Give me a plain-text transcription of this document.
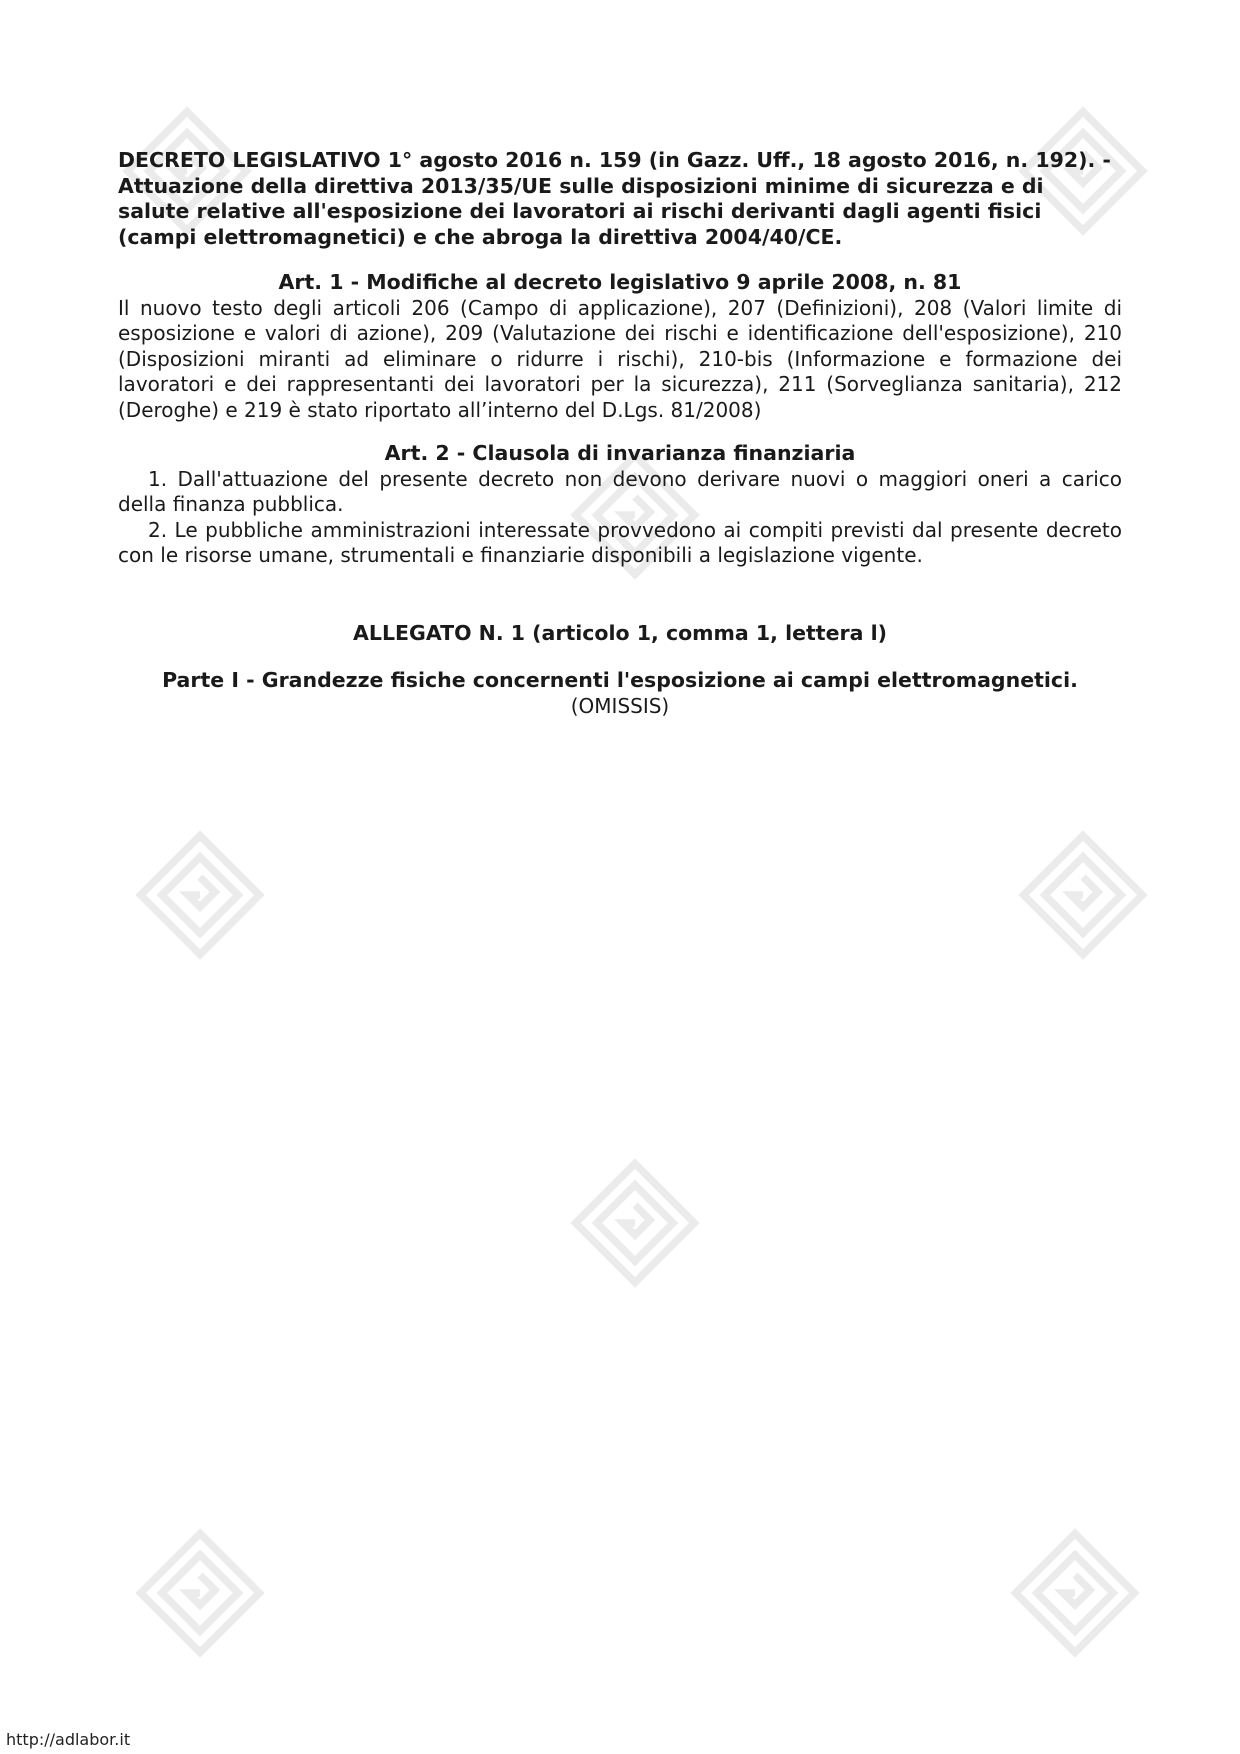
DECRETO LEGISLATIVO 1° agosto 2016 n. 159 (in Gazz. Uff., 18 agosto 2016, n. 192). - Attuazione della direttiva 2013/35/UE sulle disposizioni minime di sicurezza e di salute relative all'esposizione dei lavoratori ai rischi derivanti dagli agenti fisici (campi elettromagnetici) e che abroga la direttiva 2004/40/CE.

Art. 1 - Modifiche al decreto legislativo 9 aprile 2008, n. 81

Il nuovo testo degli articoli 206 (Campo di applicazione), 207 (Definizioni), 208 (Valori limite di esposizione e valori di azione), 209 (Valutazione dei rischi e identificazione dell'esposizione), 210 (Disposizioni miranti ad eliminare o ridurre i rischi), 210-bis (Informazione e formazione dei lavoratori e dei rappresentanti dei lavoratori per la sicurezza), 211 (Sorveglianza sanitaria), 212 (Deroghe) e 219 è stato riportato all’interno del D.Lgs. 81/2008)

Art. 2 - Clausola di invarianza finanziaria

1. Dall'attuazione del presente decreto non devono derivare nuovi o maggiori oneri a carico della finanza pubblica.

2. Le pubbliche amministrazioni interessate provvedono ai compiti previsti dal presente decreto con le risorse umane, strumentali e finanziarie disponibili a legislazione vigente.

ALLEGATO N. 1 (articolo 1, comma 1, lettera l)

Parte I - Grandezze fisiche concernenti l'esposizione ai campi elettromagnetici.

(OMISSIS)

http://adlabor.it
